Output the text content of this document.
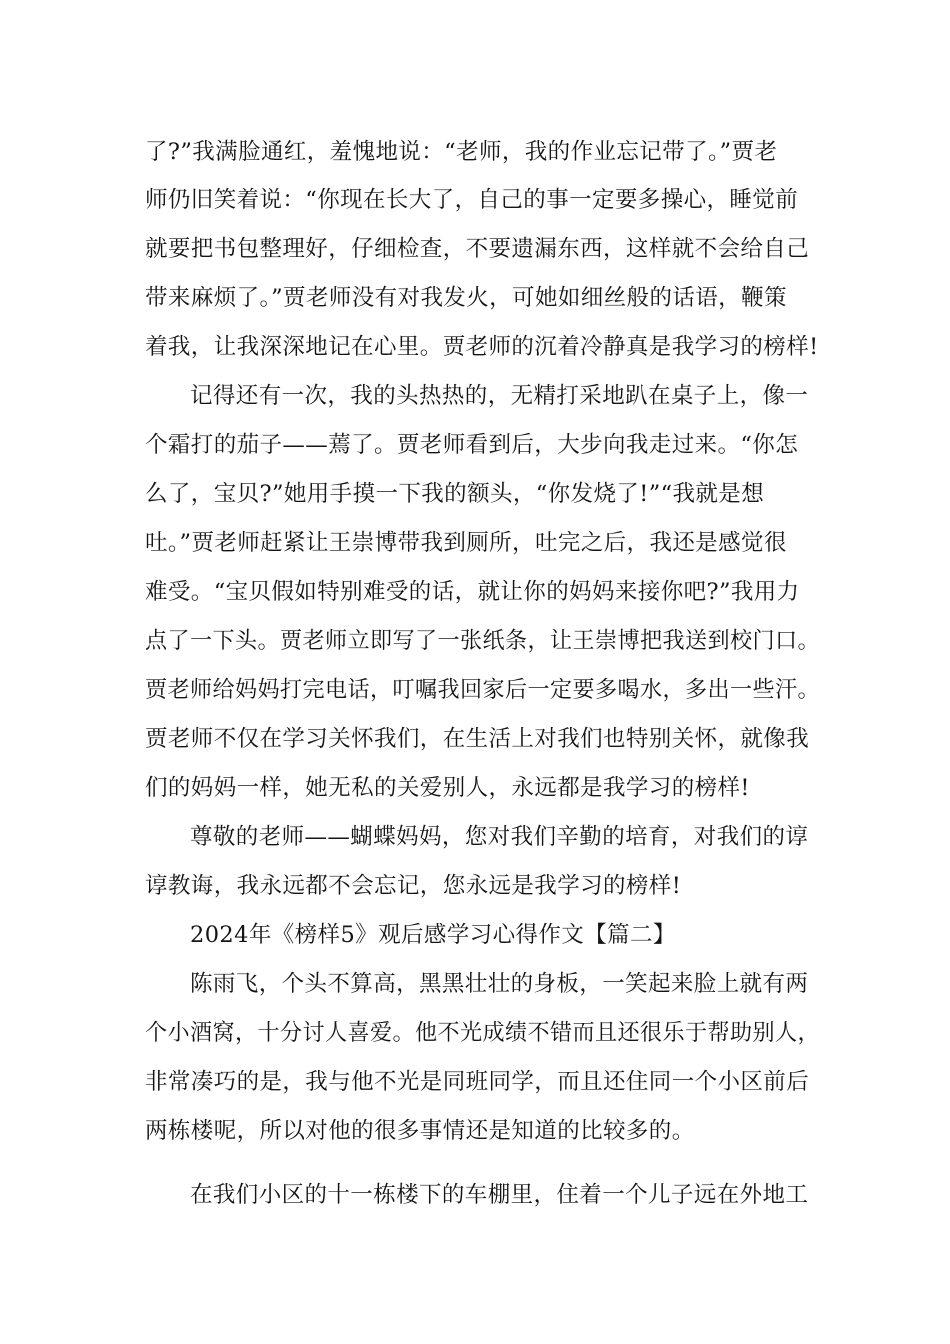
了?”我满脸通红，羞愧地说：“老师，我的作业忘记带了。”贾老
师仍旧笑着说：“你现在长大了，自己的事一定要多操心，睡觉前
就要把书包整理好，仔细检查，不要遗漏东西，这样就不会给自己
带来麻烦了。”贾老师没有对我发火，可她如细丝般的话语，鞭策
着我，让我深深地记在心里。贾老师的沉着冷静真是我学习的榜样!
记得还有一次，我的头热热的，无精打采地趴在桌子上，像一
个霜打的茄子——蔫了。贾老师看到后，大步向我走过来。“你怎
么了，宝贝?”她用手摸一下我的额头，“你发烧了!”“我就是想
吐。”贾老师赶紧让王崇博带我到厕所，吐完之后，我还是感觉很
难受。“宝贝假如特别难受的话，就让你的妈妈来接你吧?”我用力
点了一下头。贾老师立即写了一张纸条，让王崇博把我送到校门口。
贾老师给妈妈打完电话，叮嘱我回家后一定要多喝水，多出一些汗。
贾老师不仅在学习关怀我们，在生活上对我们也特别关怀，就像我
们的妈妈一样，她无私的关爱别人，永远都是我学习的榜样!
尊敬的老师——蝴蝶妈妈，您对我们辛勤的培育，对我们的谆
谆教诲，我永远都不会忘记，您永远是我学习的榜样!
2024年《榜样5》观后感学习心得作文【篇二】
陈雨飞，个头不算高，黑黑壮壮的身板，一笑起来脸上就有两
个小酒窝，十分讨人喜爱。他不光成绩不错而且还很乐于帮助别人，
非常凑巧的是，我与他不光是同班同学，而且还住同一个小区前后
两栋楼呢，所以对他的很多事情还是知道的比较多的。
在我们小区的十一栋楼下的车棚里，住着一个儿子远在外地工
